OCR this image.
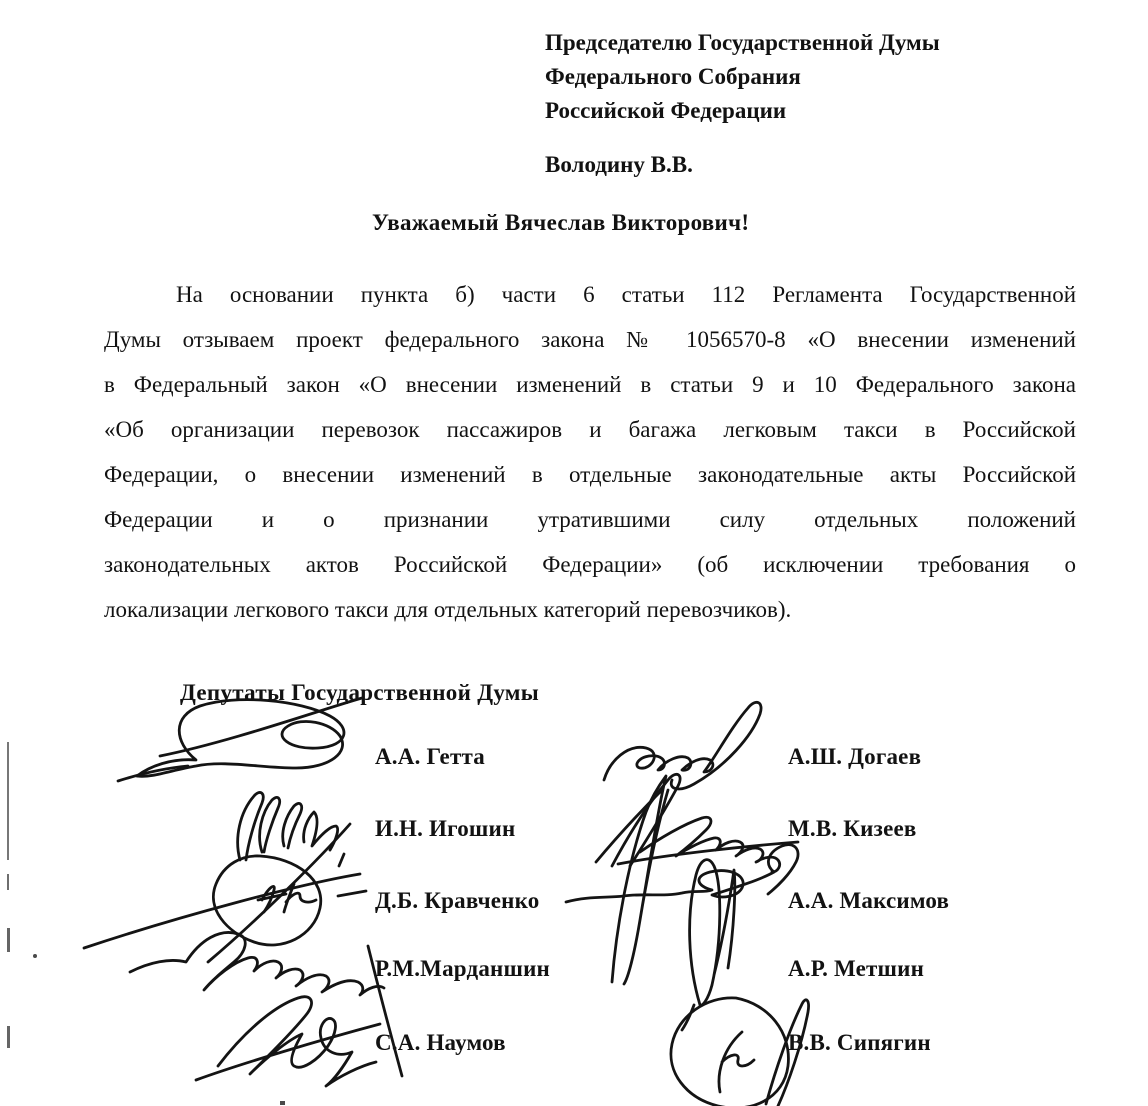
Председателю Государственной Думы
Федерального Собрания
Российской Федерации
Володину В.В.
Уважаемый Вячеслав Викторович!
На основании пункта б) части 6 статьи 112 Регламента Государственной
Думы отзываем проект федерального закона № 1056570-8 «О внесении изменений
в Федеральный закон «О внесении изменений в статьи 9 и 10 Федерального закона
«Об организации перевозок пассажиров и багажа легковым такси в Российской
Федерации, о внесении изменений в отдельные законодательные акты Российской
Федерации и о признании утратившими силу отдельных положений
законодательных актов Российской Федерации» (об исключении требования о
локализации легкового такси для отдельных категорий перевозчиков).
Депутаты Государственной Думы
А.А. Гетта
И.Н. Игошин
Д.Б. Кравченко
Р.М.Марданшин
С.А. Наумов
А.Ш. Догаев
М.В. Кизеев
А.А. Максимов
А.Р. Метшин
В.В. Сипягин
